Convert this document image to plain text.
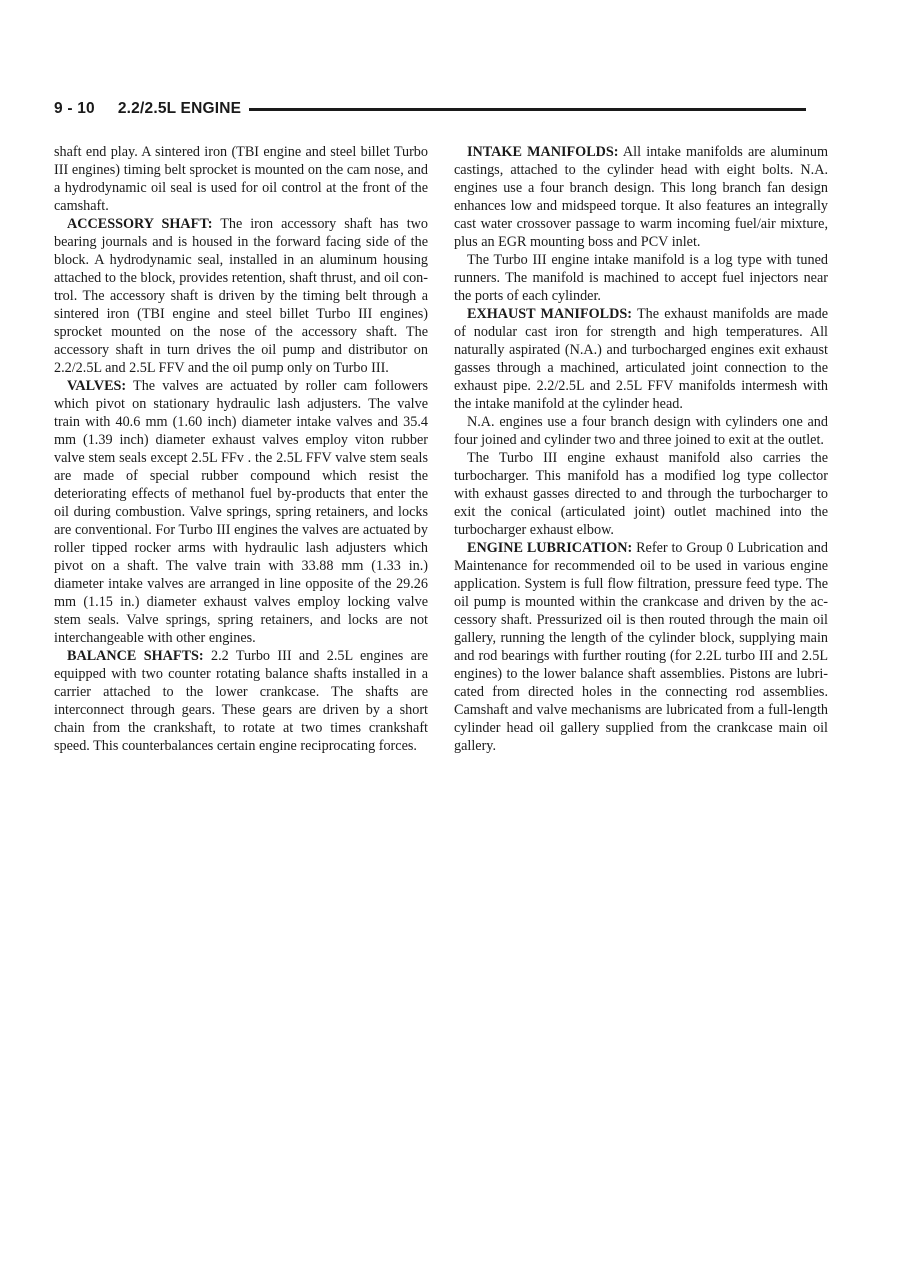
9 - 10 2.2/2.5L ENGINE

shaft end play. A sintered iron (TBI engine and steel billet Turbo III engines) timing belt sprocket is mounted on the cam nose, and a hydrodynamic oil seal is used for oil control at the front of the camshaft.

ACCESSORY SHAFT: The iron accessory shaft has two bearing journals and is housed in the forward facing side of the block. A hydrodynamic seal, installed in an aluminum housing attached to the block, provides retention, shaft thrust, and oil control. The accessory shaft is driven by the timing belt through a sintered iron (TBI engine and steel billet Turbo III engines) sprocket mounted on the nose of the accessory shaft. The accessory shaft in turn drives the oil pump and distributor on 2.2/2.5L and 2.5L FFV and the oil pump only on Turbo III.

VALVES: The valves are actuated by roller cam followers which pivot on stationary hydraulic lash adjusters. The valve train with 40.6 mm (1.60 inch) diameter intake valves and 35.4 mm (1.39 inch) diameter exhaust valves employ viton rubber valve stem seals except 2.5L FFv . the 2.5L FFV valve stem seals are made of special rubber compound which resist the deteriorating effects of methanol fuel by-products that enter the oil during combustion. Valve springs, spring retainers, and locks are conventional. For Turbo III engines the valves are actuated by roller tipped rocker arms with hydraulic lash adjusters which pivot on a shaft. The valve train with 33.88 mm (1.33 in.) diameter intake valves are arranged in line opposite of the 29.26 mm (1.15 in.) diameter exhaust valves employ locking valve stem seals. Valve springs, spring retainers, and locks are not interchangeable with other engines.

BALANCE SHAFTS: 2.2 Turbo III and 2.5L engines are equipped with two counter rotating balance shafts installed in a carrier attached to the lower crankcase. The shafts are interconnect through gears. These gears are driven by a short chain from the crankshaft, to rotate at two times crankshaft speed. This counterbalances certain engine reciprocating forces.

INTAKE MANIFOLDS: All intake manifolds are aluminum castings, attached to the cylinder head with eight bolts. N.A. engines use a four branch design. This long branch fan design enhances low and midspeed torque. It also features an integrally cast water crossover passage to warm incoming fuel/air mixture, plus an EGR mounting boss and PCV inlet.

The Turbo III engine intake manifold is a log type with tuned runners. The manifold is machined to accept fuel injectors near the ports of each cylinder.

EXHAUST MANIFOLDS: The exhaust manifolds are made of nodular cast iron for strength and high temperatures. All naturally aspirated (N.A.) and turbocharged engines exit exhaust gasses through a machined, articulated joint connection to the exhaust pipe. 2.2/2.5L and 2.5L FFV manifolds intermesh with the intake manifold at the cylinder head.

N.A. engines use a four branch design with cylinders one and four joined and cylinder two and three joined to exit at the outlet.

The Turbo III engine exhaust manifold also carries the turbocharger. This manifold has a modified log type collector with exhaust gasses directed to and through the turbocharger to exit the conical (articulated joint) outlet machined into the turbocharger exhaust elbow.

ENGINE LUBRICATION: Refer to Group 0 Lubrication and Maintenance for recommended oil to be used in various engine application. System is full flow filtration, pressure feed type. The oil pump is mounted within the crankcase and driven by the accessory shaft. Pressurized oil is then routed through the main oil gallery, running the length of the cylinder block, supplying main and rod bearings with further routing (for 2.2L turbo III and 2.5L engines) to the lower balance shaft assemblies. Pistons are lubricated from directed holes in the connecting rod assemblies. Camshaft and valve mechanisms are lubricated from a full-length cylinder head oil gallery supplied from the crankcase main oil gallery.
